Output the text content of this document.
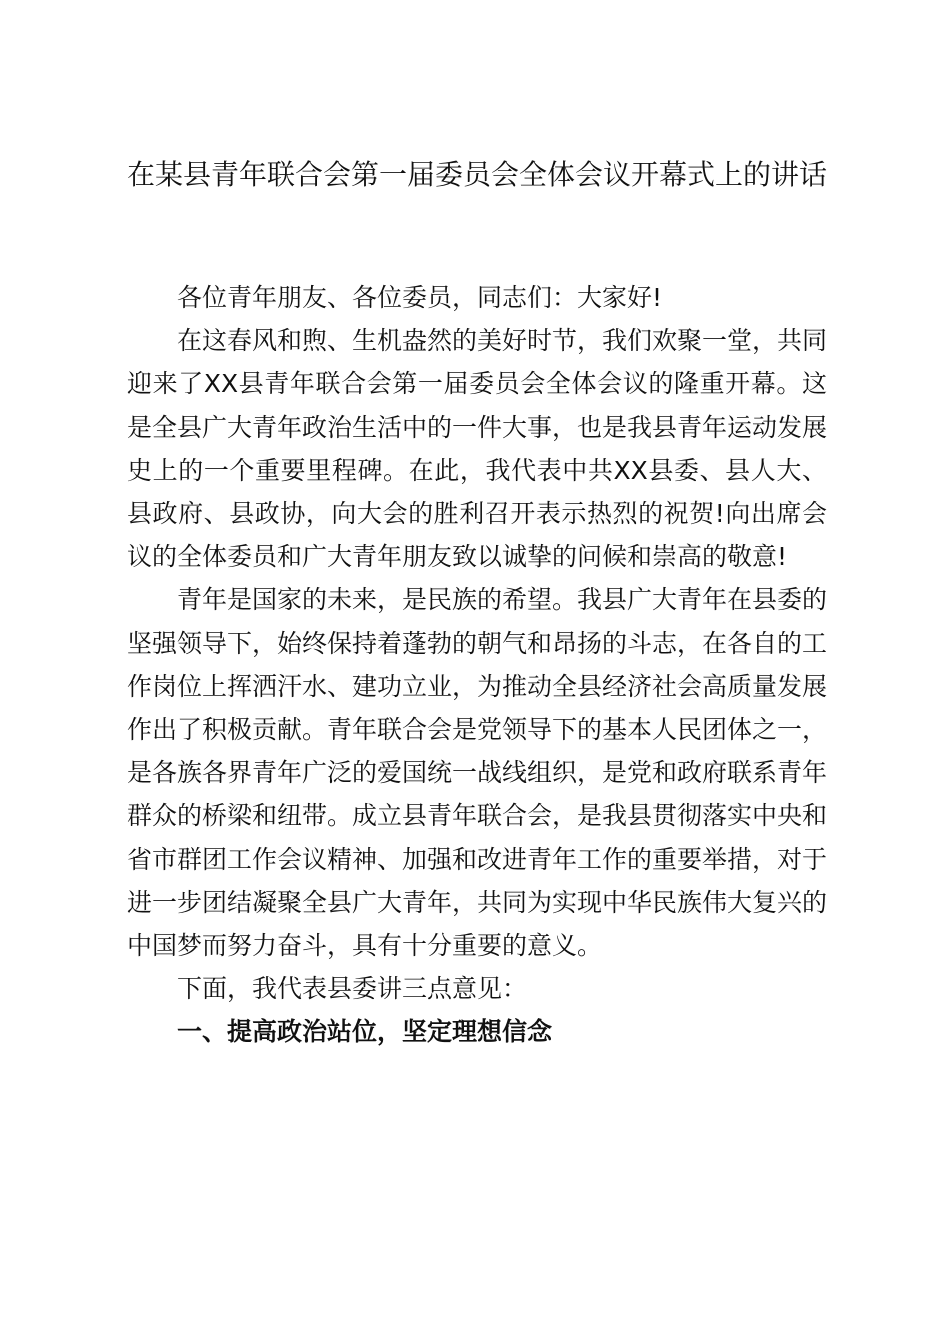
在某县青年联合会第一届委员会全体会议开幕式上的讲话

各位青年朋友、各位委员，同志们：大家好!

在这春风和煦、生机盎然的美好时节，我们欢聚一堂，共同迎来了XX县青年联合会第一届委员会全体会议的隆重开幕。这是全县广大青年政治生活中的一件大事，也是我县青年运动发展史上的一个重要里程碑。在此，我代表中共XX县委、县人大、县政府、县政协，向大会的胜利召开表示热烈的祝贺!向出席会议的全体委员和广大青年朋友致以诚挚的问候和崇高的敬意!

青年是国家的未来，是民族的希望。我县广大青年在县委的坚强领导下，始终保持着蓬勃的朝气和昂扬的斗志，在各自的工作岗位上挥洒汗水、建功立业，为推动全县经济社会高质量发展作出了积极贡献。青年联合会是党领导下的基本人民团体之一，是各族各界青年广泛的爱国统一战线组织，是党和政府联系青年群众的桥梁和纽带。成立县青年联合会，是我县贯彻落实中央和省市群团工作会议精神、加强和改进青年工作的重要举措，对于进一步团结凝聚全县广大青年，共同为实现中华民族伟大复兴的中国梦而努力奋斗，具有十分重要的意义。

下面，我代表县委讲三点意见：

一、提高政治站位，坚定理想信念
